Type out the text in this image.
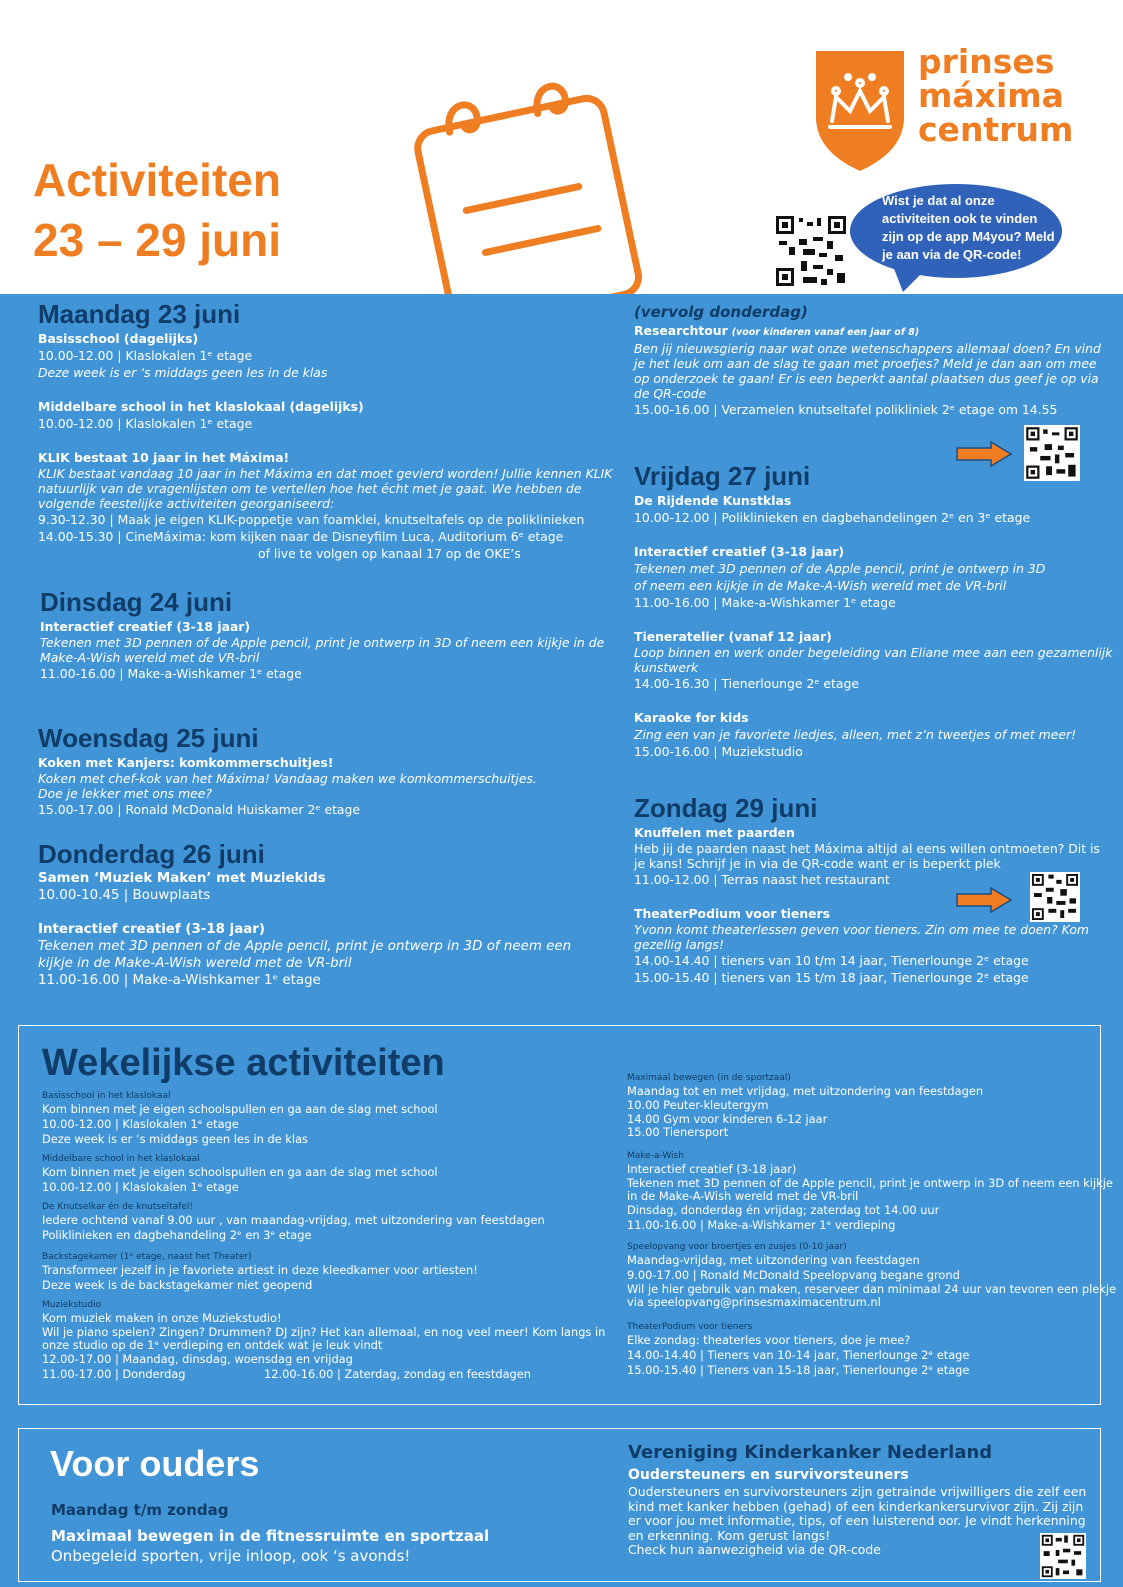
Activiteiten
23 – 29 juni
prinses
máxima
centrum
Wist je dat al onze activiteiten ook te vinden zijn op de app M4you? Meld je aan via de QR-code!
Maandag 23 juni

Basisschool (dagelijks)

10.00-12.00 | Klaslokalen 1ᵉ etage

Deze week is er ‘s middags geen les in de klas

Middelbare school in het klaslokaal (dagelijks)

10.00-12.00 | Klaslokalen 1ᵉ etage

KLIK bestaat 10 jaar in het Máxima!

KLIK bestaat vandaag 10 jaar in het Máxima en dat moet gevierd worden! Jullie kennen KLIK

natuurlijk van de vragenlijsten om te vertellen hoe het écht met je gaat. We hebben de

volgende feestelijke activiteiten georganiseerd:

9.30-12.30 | Maak je eigen KLIK-poppetje van foamklei, knutseltafels op de poliklinieken

14.00-15.30 | CineMáxima: kom kijken naar de Disneyfilm Luca, Auditorium 6ᵉ etage

of live te volgen op kanaal 17 op de OKE’s

Dinsdag 24 juni

Interactief creatief (3-18 jaar)

Tekenen met 3D pennen of de Apple pencil, print je ontwerp in 3D of neem een kijkje in de

Make-A-Wish wereld met de VR-bril

11.00-16.00 | Make-a-Wishkamer 1ᵉ etage

Woensdag 25 juni

Koken met Kanjers: komkommerschuitjes!

Koken met chef-kok van het Máxima! Vandaag maken we komkommerschuitjes.

Doe je lekker met ons mee?

15.00-17.00 | Ronald McDonald Huiskamer 2ᵉ etage

Donderdag 26 juni

Samen ‘Muziek Maken’ met Muziekids

10.00-10.45 | Bouwplaats

Interactief creatief (3-18 jaar)

Tekenen met 3D pennen of de Apple pencil, print je ontwerp in 3D of neem een

kijkje in de Make-A-Wish wereld met de VR-bril

11.00-16.00 | Make-a-Wishkamer 1ᵉ etage

(vervolg donderdag)

Researchtour (voor kinderen vanaf een jaar of 8)

Ben jij nieuwsgierig naar wat onze wetenschappers allemaal doen? En vind

je het leuk om aan de slag te gaan met proefjes? Meld je dan aan om mee

op onderzoek te gaan! Er is een beperkt aantal plaatsen dus geef je op via

de QR-code

15.00-16.00 | Verzamelen knutseltafel polikliniek 2ᵉ etage om 14.55

Vrijdag 27 juni

De Rijdende Kunstklas

10.00-12.00 | Poliklinieken en dagbehandelingen 2ᵉ en 3ᵉ etage

Interactief creatief (3-18 jaar)

Tekenen met 3D pennen of de Apple pencil, print je ontwerp in 3D

of neem een kijkje in de Make-A-Wish wereld met de VR-bril

11.00-16.00 | Make-a-Wishkamer 1ᵉ etage

Tieneratelier (vanaf 12 jaar)

Loop binnen en werk onder begeleiding van Eliane mee aan een gezamenlijk

kunstwerk

14.00-16.30 | Tienerlounge 2ᵉ etage

Karaoke for kids

Zing een van je favoriete liedjes, alleen, met z’n tweetjes of met meer!

15.00-16.00 | Muziekstudio

Zondag 29 juni

Knuffelen met paarden

Heb jij de paarden naast het Máxima altijd al eens willen ontmoeten? Dit is

je kans! Schrijf je in via de QR-code want er is beperkt plek

11.00-12.00 | Terras naast het restaurant

TheaterPodium voor tieners

Yvonn komt theaterlessen geven voor tieners. Zin om mee te doen? Kom

gezellig langs!

14.00-14.40 | tieners van 10 t/m 14 jaar, Tienerlounge 2ᵉ etage

15.00-15.40 | tieners van 15 t/m 18 jaar, Tienerlounge 2ᵉ etage

Wekelijkse activiteiten

Basisschool in het klaslokaal

Kom binnen met je eigen schoolspullen en ga aan de slag met school

10.00-12.00 | Klaslokalen 1ᵉ etage

Deze week is er ‘s middags geen les in de klas

Middelbare school in het klaslokaal

Kom binnen met je eigen schoolspullen en ga aan de slag met school

10.00-12.00 | Klaslokalen 1ᵉ etage

De Knutselkar én de knutseltafel!

Iedere ochtend vanaf 9.00 uur , van maandag-vrijdag, met uitzondering van feestdagen

Poliklinieken en dagbehandeling 2ᵉ en 3ᵉ etage

Backstagekamer (1ᵉ etage, naast het Theater)

Transformeer jezelf in je favoriete artiest in deze kleedkamer voor artiesten!

Deze week is de backstagekamer niet geopend

Muziekstudio

Kom muziek maken in onze Muziekstudio!

Wil je piano spelen? Zingen? Drummen? DJ zijn? Het kan allemaal, en nog veel meer! Kom langs in

onze studio op de 1ᵉ verdieping en ontdek wat je leuk vindt

12.00-17.00 | Maandag, dinsdag, woensdag en vrijdag

11.00-17.00 | Donderdag	12.00-16.00 | Zaterdag, zondag en feestdagen

Maximaal bewegen (in de sportzaal)

Maandag tot en met vrijdag, met uitzondering van feestdagen

10.00 Peuter-kleutergym

14.00 Gym voor kinderen 6-12 jaar

15.00 Tienersport

Make-a-Wish

Interactief creatief (3-18 jaar)

Tekenen met 3D pennen of de Apple pencil, print je ontwerp in 3D of neem een kijkje

in de Make-A-Wish wereld met de VR-bril

Dinsdag, donderdag én vrijdag; zaterdag tot 14.00 uur

11.00-16.00 | Make-a-Wishkamer 1ᵉ verdieping

Speelopvang voor broertjes en zusjes (0-10 jaar)

Maandag-vrijdag, met uitzondering van feestdagen

9.00-17.00 | Ronald McDonald Speelopvang begane grond

Wil je hier gebruik van maken, reserveer dan minimaal 24 uur van tevoren een plekje

via speelopvang@prinsesmaximacentrum.nl

TheaterPodium voor tieners

Elke zondag: theaterles voor tieners, doe je mee?

14.00-14.40 | Tieners van 10-14 jaar, Tienerlounge 2ᵉ etage

15.00-15.40 | Tieners van 15-18 jaar, Tienerlounge 2ᵉ etage

Voor ouders

Maandag t/m zondag

Maximaal bewegen in de fitnessruimte en sportzaal

Onbegeleid sporten, vrije inloop, ook ‘s avonds!

Vereniging Kinderkanker Nederland

Oudersteuners en survivorsteuners

Oudersteuners en survivorsteuners zijn getrainde vrijwilligers die zelf een

kind met kanker hebben (gehad) of een kinderkankersurvivor zijn. Zij zijn

er voor jou met informatie, tips, of een luisterend oor. Je vindt herkenning

en erkenning. Kom gerust langs!

Check hun aanwezigheid via de QR-code
